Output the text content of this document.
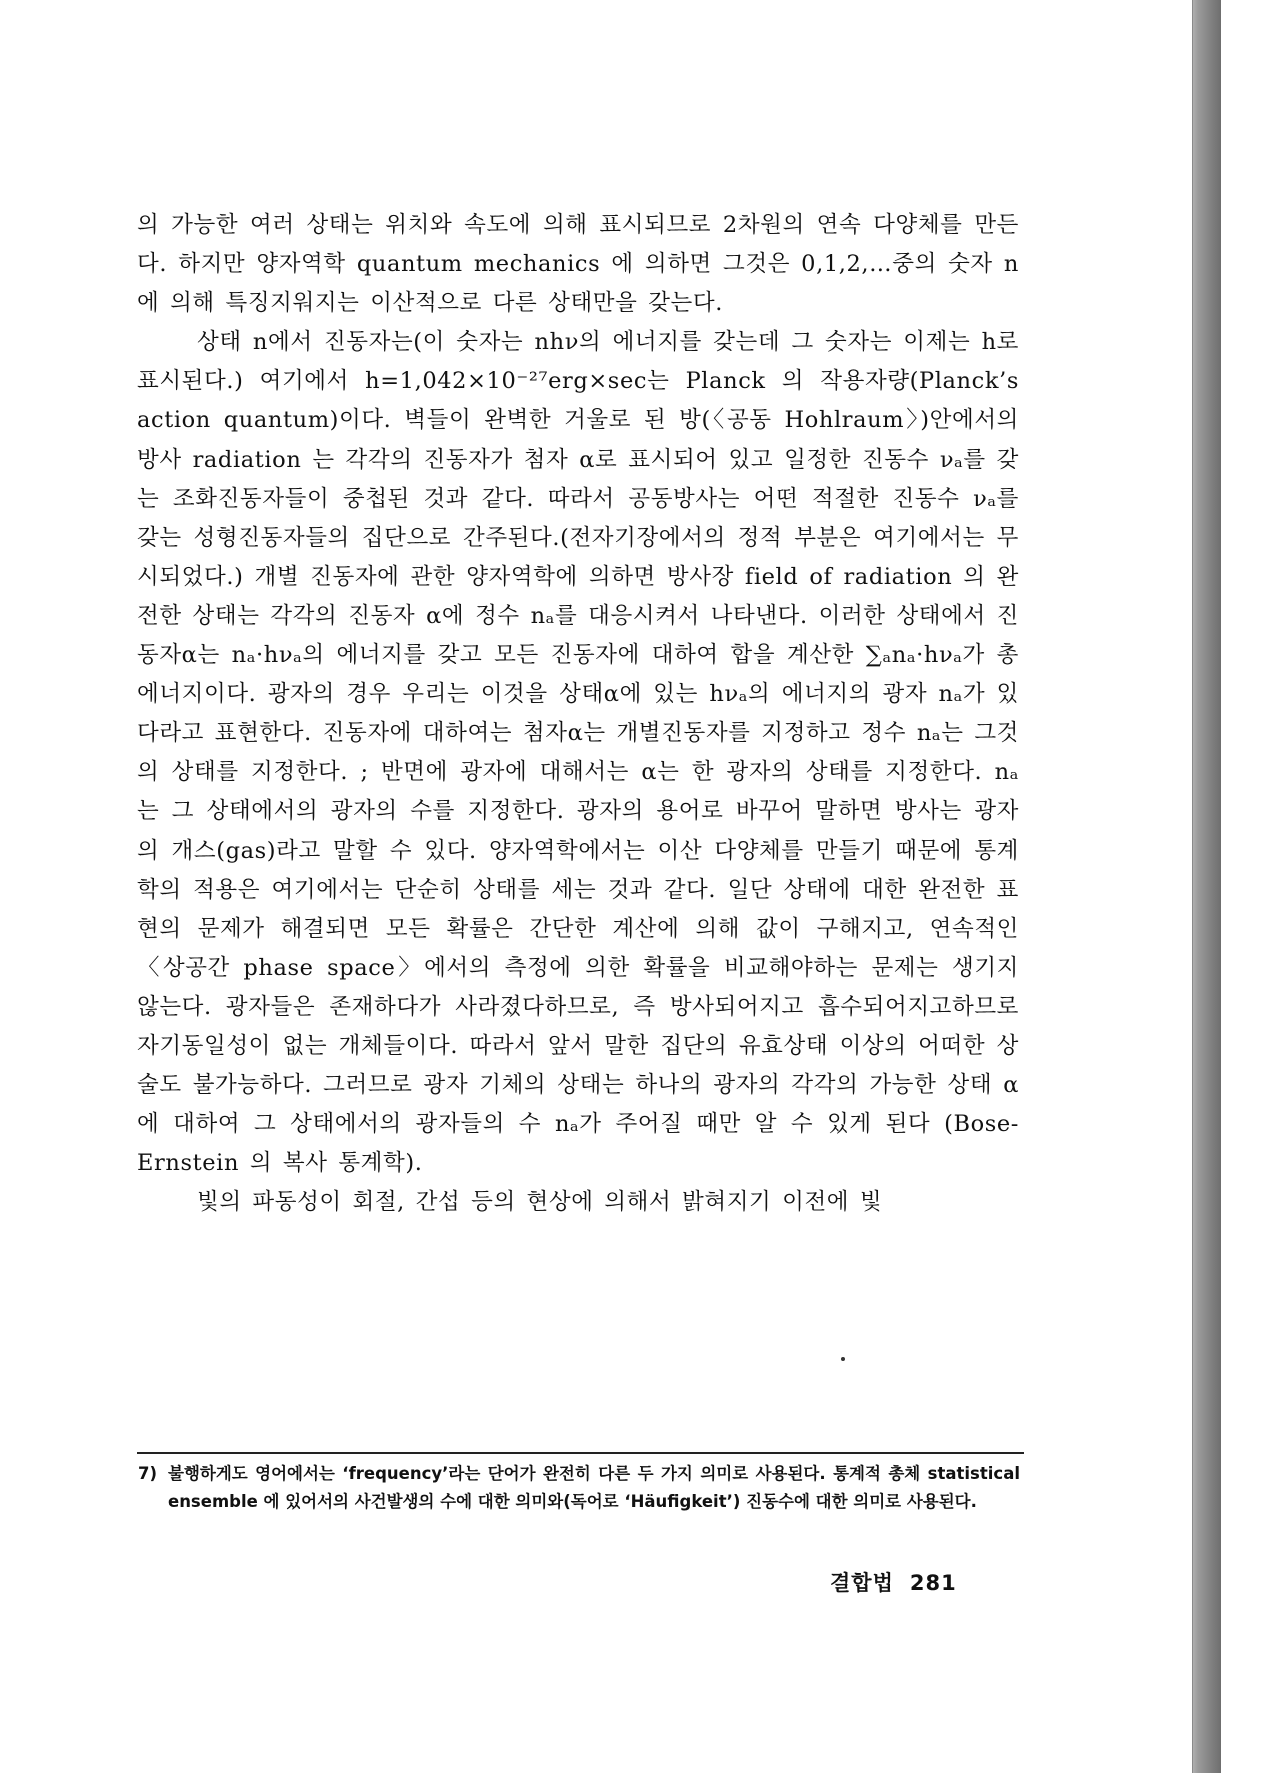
의 가능한 여러 상태는 위치와 속도에 의해 표시되므로 2차원의 연속 다양체를 만든다. 하지만 양자역학 quantum mechanics 에 의하면 그것은 0,1,2,…중의 숫자 n에 의해 특징지워지는 이산적으로 다른 상태만을 갖는다.

상태 n에서 진동자는(이 숫자는 nhν의 에너지를 갖는데 그 숫자는 이제는 h로 표시된다.) 여기에서 h=1,042×10⁻²⁷erg×sec는 Planck 의 작용자량(Planck’s action quantum)이다. 벽들이 완벽한 거울로 된 방(〈공동 Hohlraum〉)안에서의 방사 radiation 는 각각의 진동자가 첨자 α로 표시되어 있고 일정한 진동수 νₐ를 갖는 조화진동자들이 중첩된 것과 같다. 따라서 공동방사는 어떤 적절한 진동수 νₐ를 갖는 성형진동자들의 집단으로 간주된다.(전자기장에서의 정적 부분은 여기에서는 무시되었다.) 개별 진동자에 관한 양자역학에 의하면 방사장 field of radiation 의 완전한 상태는 각각의 진동자 α에 정수 nₐ를 대응시켜서 나타낸다. 이러한 상태에서 진동자α는 nₐ·hνₐ의 에너지를 갖고 모든 진동자에 대하여 합을 계산한 ∑ₐnₐ·hνₐ가 총에너지이다. 광자의 경우 우리는 이것을 상태α에 있는 hνₐ의 에너지의 광자 nₐ가 있다라고 표현한다. 진동자에 대하여는 첨자α는 개별진동자를 지정하고 정수 nₐ는 그것의 상태를 지정한다. ; 반면에 광자에 대해서는 α는 한 광자의 상태를 지정한다. nₐ는 그 상태에서의 광자의 수를 지정한다. 광자의 용어로 바꾸어 말하면 방사는 광자의 개스(gas)라고 말할 수 있다. 양자역학에서는 이산 다양체를 만들기 때문에 통계학의 적용은 여기에서는 단순히 상태를 세는 것과 같다. 일단 상태에 대한 완전한 표현의 문제가 해결되면 모든 확률은 간단한 계산에 의해 값이 구해지고, 연속적인 〈상공간 phase space〉에서의 측정에 의한 확률을 비교해야하는 문제는 생기지 않는다. 광자들은 존재하다가 사라졌다하므로, 즉 방사되어지고 흡수되어지고하므로 자기동일성이 없는 개체들이다. 따라서 앞서 말한 집단의 유효상태 이상의 어떠한 상술도 불가능하다. 그러므로 광자 기체의 상태는 하나의 광자의 각각의 가능한 상태 α에 대하여 그 상태에서의 광자들의 수 nₐ가 주어질 때만 알 수 있게 된다 (Bose-Ernstein 의 복사 통계학).

빛의 파동성이 회절, 간섭 등의 현상에 의해서 밝혀지기 이전에 빛

7) 불행하게도 영어에서는 ‘frequency’라는 단어가 완전히 다른 두 가지 의미로 사용된다. 통계적 총체 statistical ensemble 에 있어서의 사건발생의 수에 대한 의미와(독어로 ‘Häufigkeit’) 진동수에 대한 의미로 사용된다.
결합법 281
